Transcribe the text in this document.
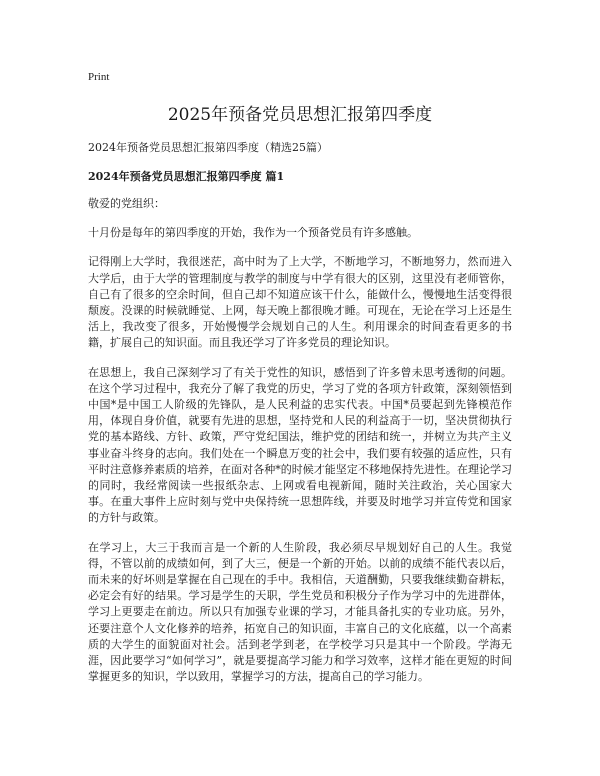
Print
2025年预备党员思想汇报第四季度
2024年预备党员思想汇报第四季度（精选25篇）
2024年预备党员思想汇报第四季度 篇1

敬爱的党组织：

十月份是每年的第四季度的开始，我作为一个预备党员有许多感触。

记得刚上大学时，我很迷茫，高中时为了上大学，不断地学习，不断地努力，然而进入大学后，由于大学的管理制度与教学的制度与中学有很大的区别，这里没有老师管你，自己有了很多的空余时间，但自己却不知道应该干什么，能做什么，慢慢地生活变得很颓废。没课的时候就睡觉、上网，每天晚上都很晚才睡。可现在，无论在学习上还是生活上，我改变了很多，开始慢慢学会规划自己的人生。利用课余的时间查看更多的书籍，扩展自己的知识面。而且我还学习了许多党员的理论知识。

在思想上，我自己深刻学习了有关于党性的知识，感悟到了许多曾未思考透彻的问题。在这个学习过程中，我充分了解了我党的历史，学习了党的各项方针政策，深刻领悟到中国*是中国工人阶级的先锋队，是人民利益的忠实代表。中国*员要起到先锋模范作用，体现自身价值，就要有先进的思想，坚持党和人民的利益高于一切，坚决贯彻执行党的基本路线、方针、政策，严守党纪国法，维护党的团结和统一，并树立为共产主义事业奋斗终身的志向。我们处在一个瞬息万变的社会中，我们要有较强的适应性，只有平时注意修养素质的培养，在面对各种*的时候才能坚定不移地保持先进性。在理论学习的同时，我经常阅读一些报纸杂志、上网或看电视新闻，随时关注政治，关心国家大事。在重大事件上应时刻与党中央保持统一思想阵线，并要及时地学习并宣传党和国家的方针与政策。

在学习上，大三于我而言是一个新的人生阶段，我必须尽早规划好自己的人生。我觉得，不管以前的成绩如何，到了大三，便是一个新的开始。以前的成绩不能代表以后，而未来的好坏则是掌握在自己现在的手中。我相信，天道酬勤，只要我继续勤奋耕耘，必定会有好的结果。学习是学生的天职，学生党员和积极分子作为学习中的先进群体，学习上更要走在前边。所以只有加强专业课的学习，才能具备扎实的专业功底。另外，还要注意个人文化修养的培养，拓宽自己的知识面，丰富自己的文化底蕴，以一个高素质的大学生的面貌面对社会。活到老学到老，在学校学习只是其中一个阶段。学海无涯，因此要学习“如何学习”，就是要提高学习能力和学习效率，这样才能在更短的时间掌握更多的知识，学以致用，掌握学习的方法，提高自己的学习能力。
